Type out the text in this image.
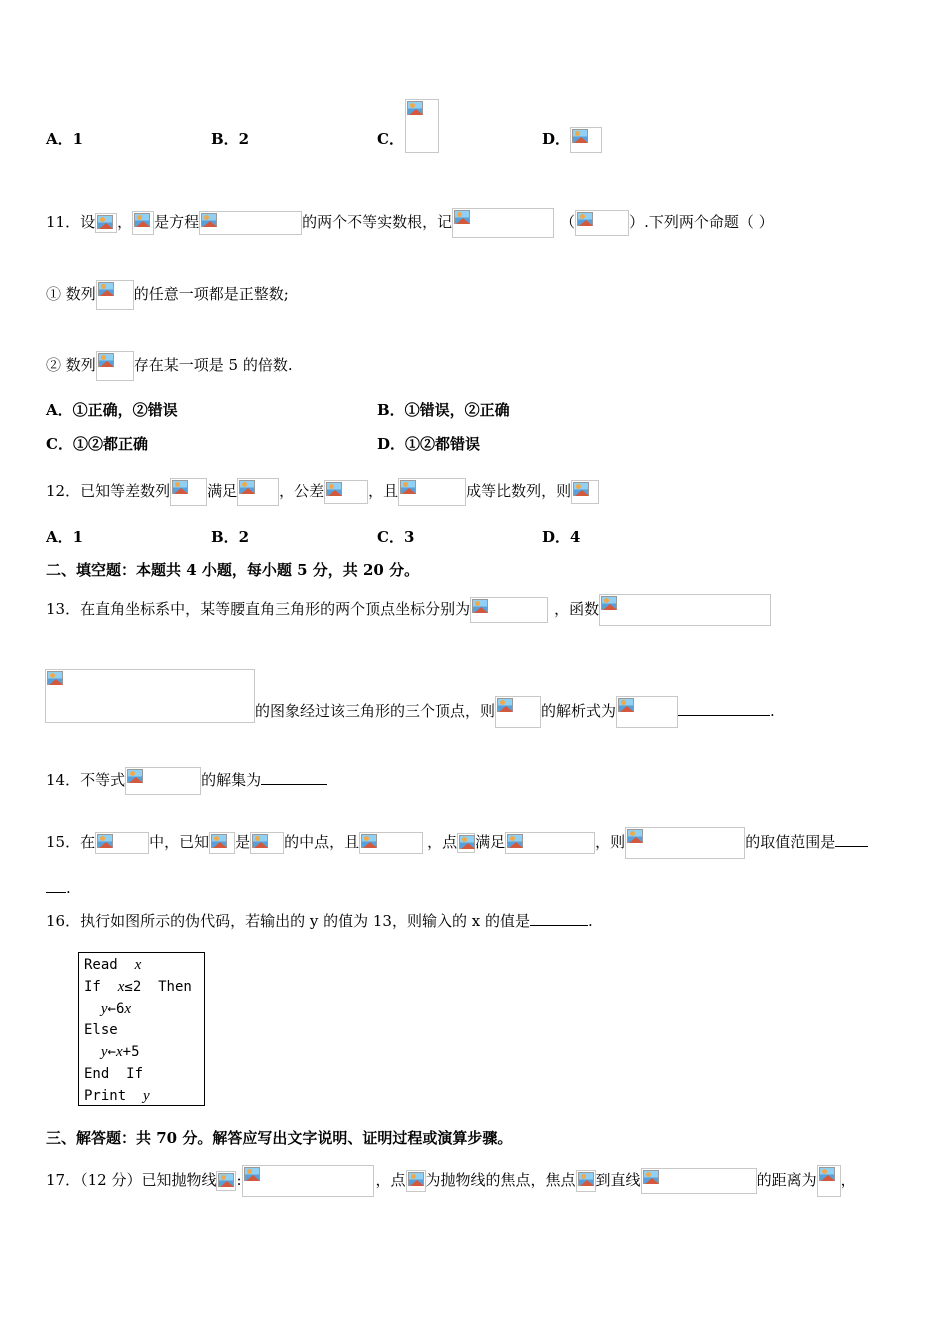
A．1	B．2	C．	D．
11．设 ， 是方程	的两个不等实数根，记	（	）.下列两个命题（ ）
① 数列	的任意一项都是正整数;
② 数列	存在某一项是 5 的倍数.
A．①正确，②错误	B．①错误，②正确
C．①②都正确	D．①②都错误
12．已知等差数列 满足	，公差	，且	成等比数列，则
A．1	B．2	C．3	D．4
二、填空题：本题共 4 小题，每小题 5 分，共 20 分。
13．在直角坐标系中，某等腰直角三角形的两个顶点坐标分别为	，函数
的图象经过该三角形的三个顶点，则	的解析式为	.
14．不等式	的解集为
15．在	中，已知 是 的中点，且	，点 满足	，则	的取值范围是
.
16．执行如图所示的伪代码，若输出的 y 的值为 13，则输入的 x 的值是	.
Read  x
If  x≤2  Then
y←6x
Else
y←x+5
End  If
Print  y
三、解答题：共 70 分。解答应写出文字说明、证明过程或演算步骤。
17．（12 分）已知抛物线 :	，点 为抛物线的焦点，焦点 到直线	的距离为 ，
